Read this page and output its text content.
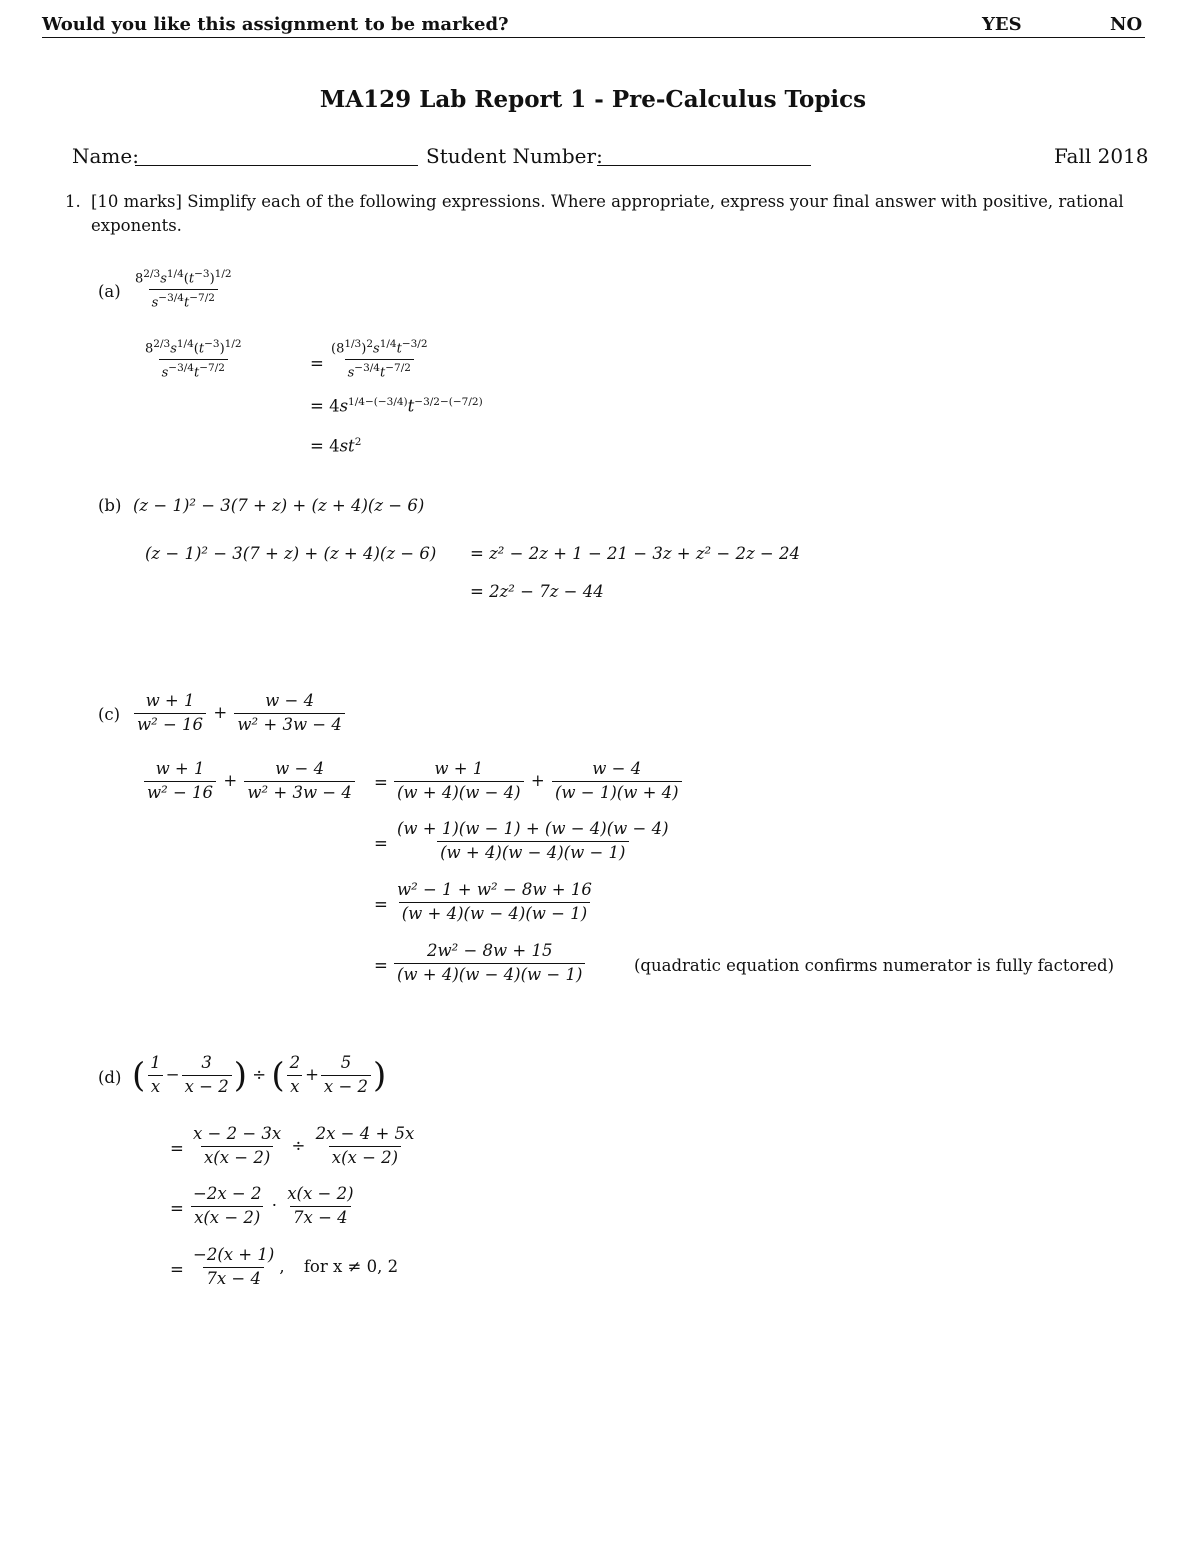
Would you like this assignment to be marked?	YES	NO
MA129 Lab Report 1 - Pre-Calculus Topics
Name:	Student Number:	Fall 2018
1. [10 marks] Simplify each of the following expressions. Where appropriate, express your final answer with positive, rational
exponents.
$(a) \frac{8^{2/3}s^{1/4}(t^{-3})^{1/2}}{s^{-3/4}t^{-7/2}}$
$\frac{8^{2/3}s^{1/4}(t^{-3})^{1/2}}{s^{-3/4}t^{-7/2}}$	= $\frac{(8^{1/3})^2s^{1/4}t^{-3/2}}{s^{-3/4}t^{-7/2}}$
= $4s^{1/4-(-3/4)}t^{-3/2-(-7/2)}$
= $4st^2$
(b) (z − 1)² − 3(7 + z) + (z + 4)(z − 6)
(z − 1)² − 3(7 + z) + (z + 4)(z − 6) = z² − 2z + 1 − 21 − 3z + z² − 2z − 24
= 2z² − 7z − 44
$(c) \frac{w + 1}{\text{w² − 16}} + \frac{w - 4}{\text{w² + 3w − 4}}$
$\frac{w + 1}{\text{w² − 16}} + \frac{w - 4}{\text{w² + 3w − 4}} = \frac{w + 1}{(w + 4)(w - 4)} + \frac{w - 4}{(w - 1)(w + 4)}$
= $\frac{(w + 1)(w - 1) + (w - 4)(w - 4)}{(w + 4)(w - 4)(w - 1)}$
= $\frac{\text{w² − 1 + w² − 8w + 16}}{(w + 4)(w - 4)(w - 1)}$
= $\frac{\text{2w² − 8w + 15}}{(w + 4)(w - 4)(w - 1)}$	(quadratic equation confirms numerator is fully factored)
(d) ( $\frac{1}{x} - \frac{3}{x - 2}$ ) ÷ ( $\frac{2}{x} + \frac{5}{x - 2}$ )
= $\frac{x - 2 - 3x}{x(x - 2)} \div \frac{2x - 4 + 5x}{x(x - 2)}$
= $\frac{-2x - 2}{x(x - 2)} \cdot \frac{x(x - 2)}{7x - 4}$
= $\frac{-2(x + 1)}{7x - 4}$ , for x ≠ 0, 2
